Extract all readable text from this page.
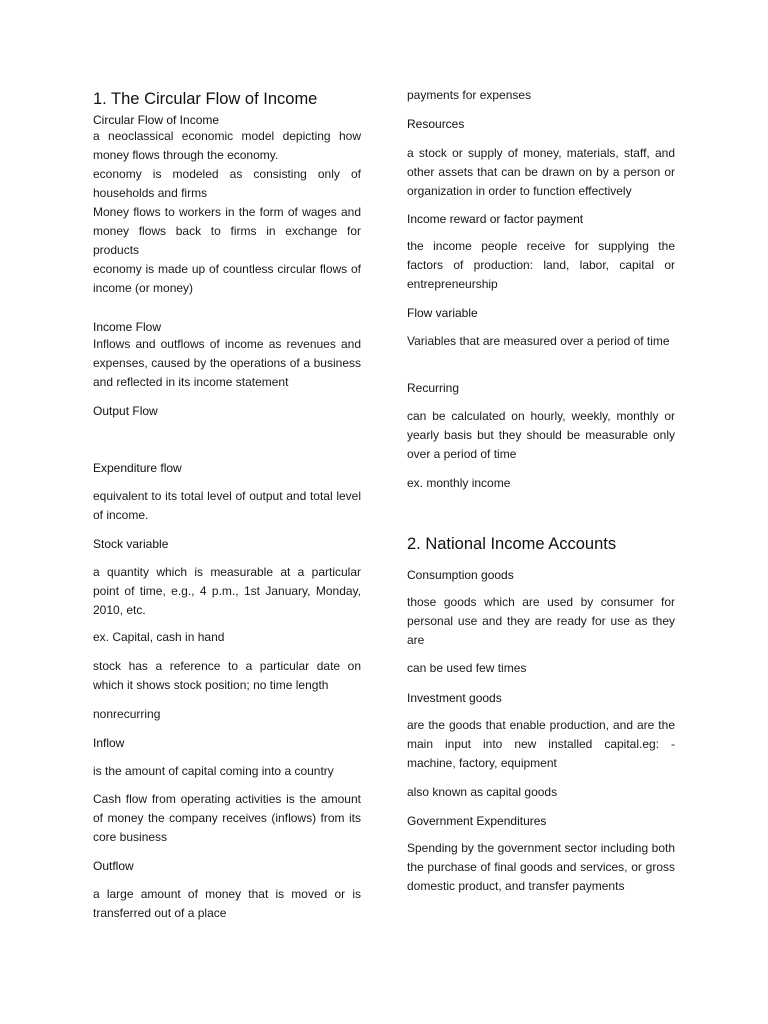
1. The Circular Flow of Income
Circular Flow of Income
a neoclassical economic model depicting how money flows through the economy.
economy is modeled as consisting only of households and firms
Money flows to workers in the form of wages and money flows back to firms in exchange for products
economy is made up of countless circular flows of income (or money)
Income Flow
Inflows and outflows of income as revenues and expenses, caused by the operations of a business and reflected in its income statement
Output Flow
Expenditure flow
equivalent to its total level of output and total level of income.
Stock variable
a quantity which is measurable at a particular point of time, e.g., 4 p.m., 1st January, Monday, 2010, etc.
ex. Capital, cash in hand
stock has a reference to a particular date on which it shows stock position; no time length
nonrecurring
Inflow
is the amount of capital coming into a country
Cash flow from operating activities is the amount of money the company receives (inflows) from its core business
Outflow
a large amount of money that is moved or is transferred out of a place
payments for expenses
Resources
a stock or supply of money, materials, staff, and other assets that can be drawn on by a person or organization in order to function effectively
Income reward or factor payment
the income people receive for supplying the factors of production: land, labor, capital or entrepreneurship
Flow variable
Variables that are measured over a period of time
Recurring
can be calculated on hourly, weekly, monthly or yearly basis but they should be measurable only over a period of time
ex. monthly income
2. National Income Accounts
Consumption goods
those goods which are used by consumer for personal use and they are ready for use as they are
can be used few times
Investment goods
are the goods that enable production, and are the main input into new installed capital.eg: - machine, factory, equipment
also known as capital goods
Government Expenditures
Spending by the government sector including both the purchase of final goods and services, or gross domestic product, and transfer payments
